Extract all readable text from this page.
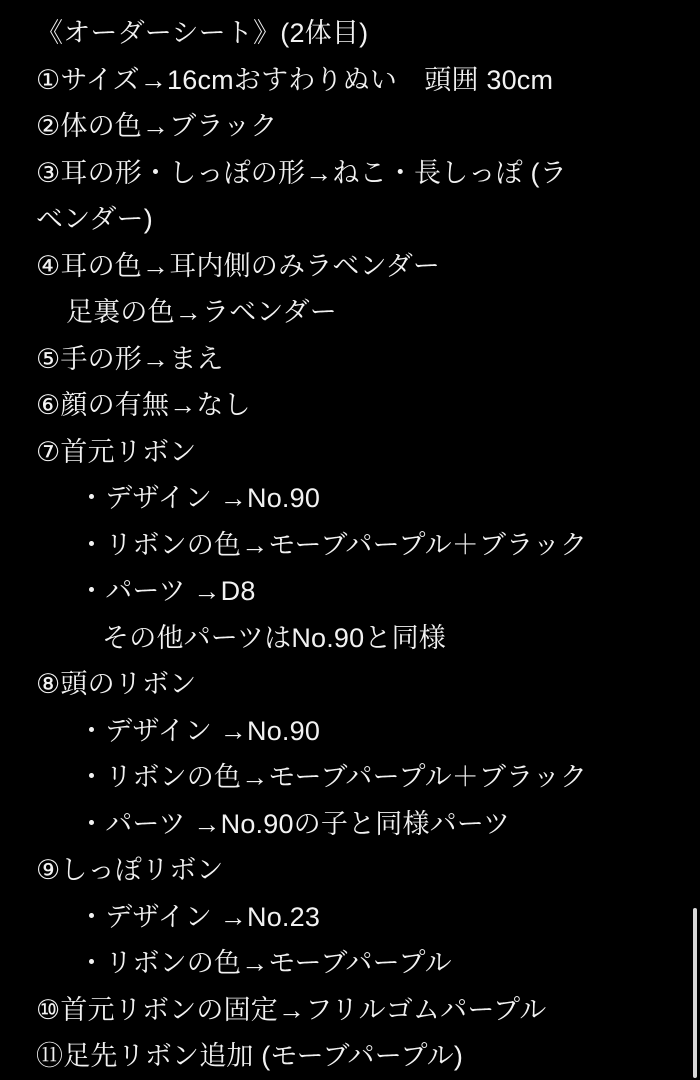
《オーダーシート》(2体目)
①サイズ→16cmおすわりぬい　頭囲 30cm
②体の色→ブラック
③耳の形・しっぽの形→ねこ・長しっぽ (ラ
ベンダー)
④耳の色→耳内側のみラベンダー
足裏の色→ラベンダー
⑤手の形→まえ
⑥顔の有無→なし
⑦首元リボン
・デザイン →No.90
・リボンの色→モーブパープル＋ブラック
・パーツ →D8
その他パーツはNo.90と同様
⑧頭のリボン
・デザイン →No.90
・リボンの色→モーブパープル＋ブラック
・パーツ →No.90の子と同様パーツ
⑨しっぽリボン
・デザイン →No.23
・リボンの色→モーブパープル
⑩首元リボンの固定→フリルゴムパープル
⑪足先リボン追加 (モーブパープル)
